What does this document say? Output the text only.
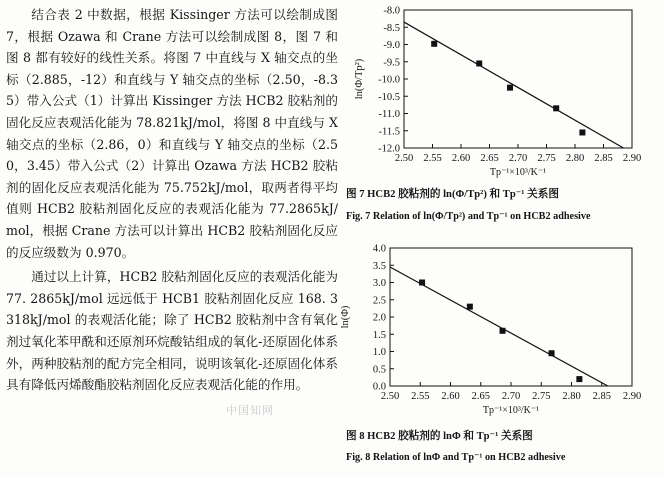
结合表 2 中数据，根据 Kissinger 方法可以绘制成图 7，根据 Ozawa 和 Crane 方法可以绘制成图 8，图 7 和图 8 都有较好的线性关系。将图 7 中直线与 X 轴交点的坐标（2.885，-12）和直线与 Y 轴交点的坐标（2.50，-8.35）带入公式（1）计算出 Kissinger 方法 HCB2 胶粘剂的固化反应表观活化能为 78.821kJ/mol，将图 8 中直线与 X 轴交点的坐标（2.86，0）和直线与 Y 轴交点的坐标（2.50，3.45）带入公式（2）计算出 Ozawa 方法 HCB2 胶粘剂的固化反应表观活化能为 75.752kJ/mol，取两者得平均值则 HCB2 胶粘剂固化反应的表观活化能为 77.2865kJ/mol，根据 Crane 方法可以计算出 HCB2 胶粘剂固化反应的反应级数为 0.970。

通过以上计算，HCB2 胶粘剂固化反应的表观活化能为 77. 2865kJ/mol 远远低于 HCB1 胶粘剂固化反应 168. 3318kJ/mol 的表观活化能；除了 HCB2 胶粘剂中含有氧化剂过氧化苯甲酰和还原剂环烷酸钴组成的氧化-还原固化体系外，两种胶粘剂的配方完全相同，说明该氧化-还原固化体系具有降低丙烯酸酯胶粘剂固化反应表观活化能的作用。

中国知网
2.50 2.55 2.60 2.65 2.70 2.75 2.80 2.85 2.90
-8.0
-8.5
-9.0
-9.5
-10.0
-10.5
-11.0
-11.5
-12.0
ln(Φ/Tp²)
Tp⁻¹×10³/K⁻¹
图 7 HCB2 胶粘剂的 ln(Φ/Tp²) 和 Tp⁻¹ 关系图
Fig. 7 Relation of ln(Φ/Tp²) and Tp⁻¹ on HCB2 adhesive
2.50 2.55 2.60 2.65 2.70 2.75 2.80 2.85 2.90
4.0
3.5
3.0
2.5
2.0
1.5
1.0
0.5
0.0
ln(Φ)
Tp⁻¹×10³/K⁻¹
图 8 HCB2 胶粘剂的 lnΦ 和 Tp⁻¹ 关系图
Fig. 8 Relation of lnΦ and Tp⁻¹ on HCB2 adhesive
